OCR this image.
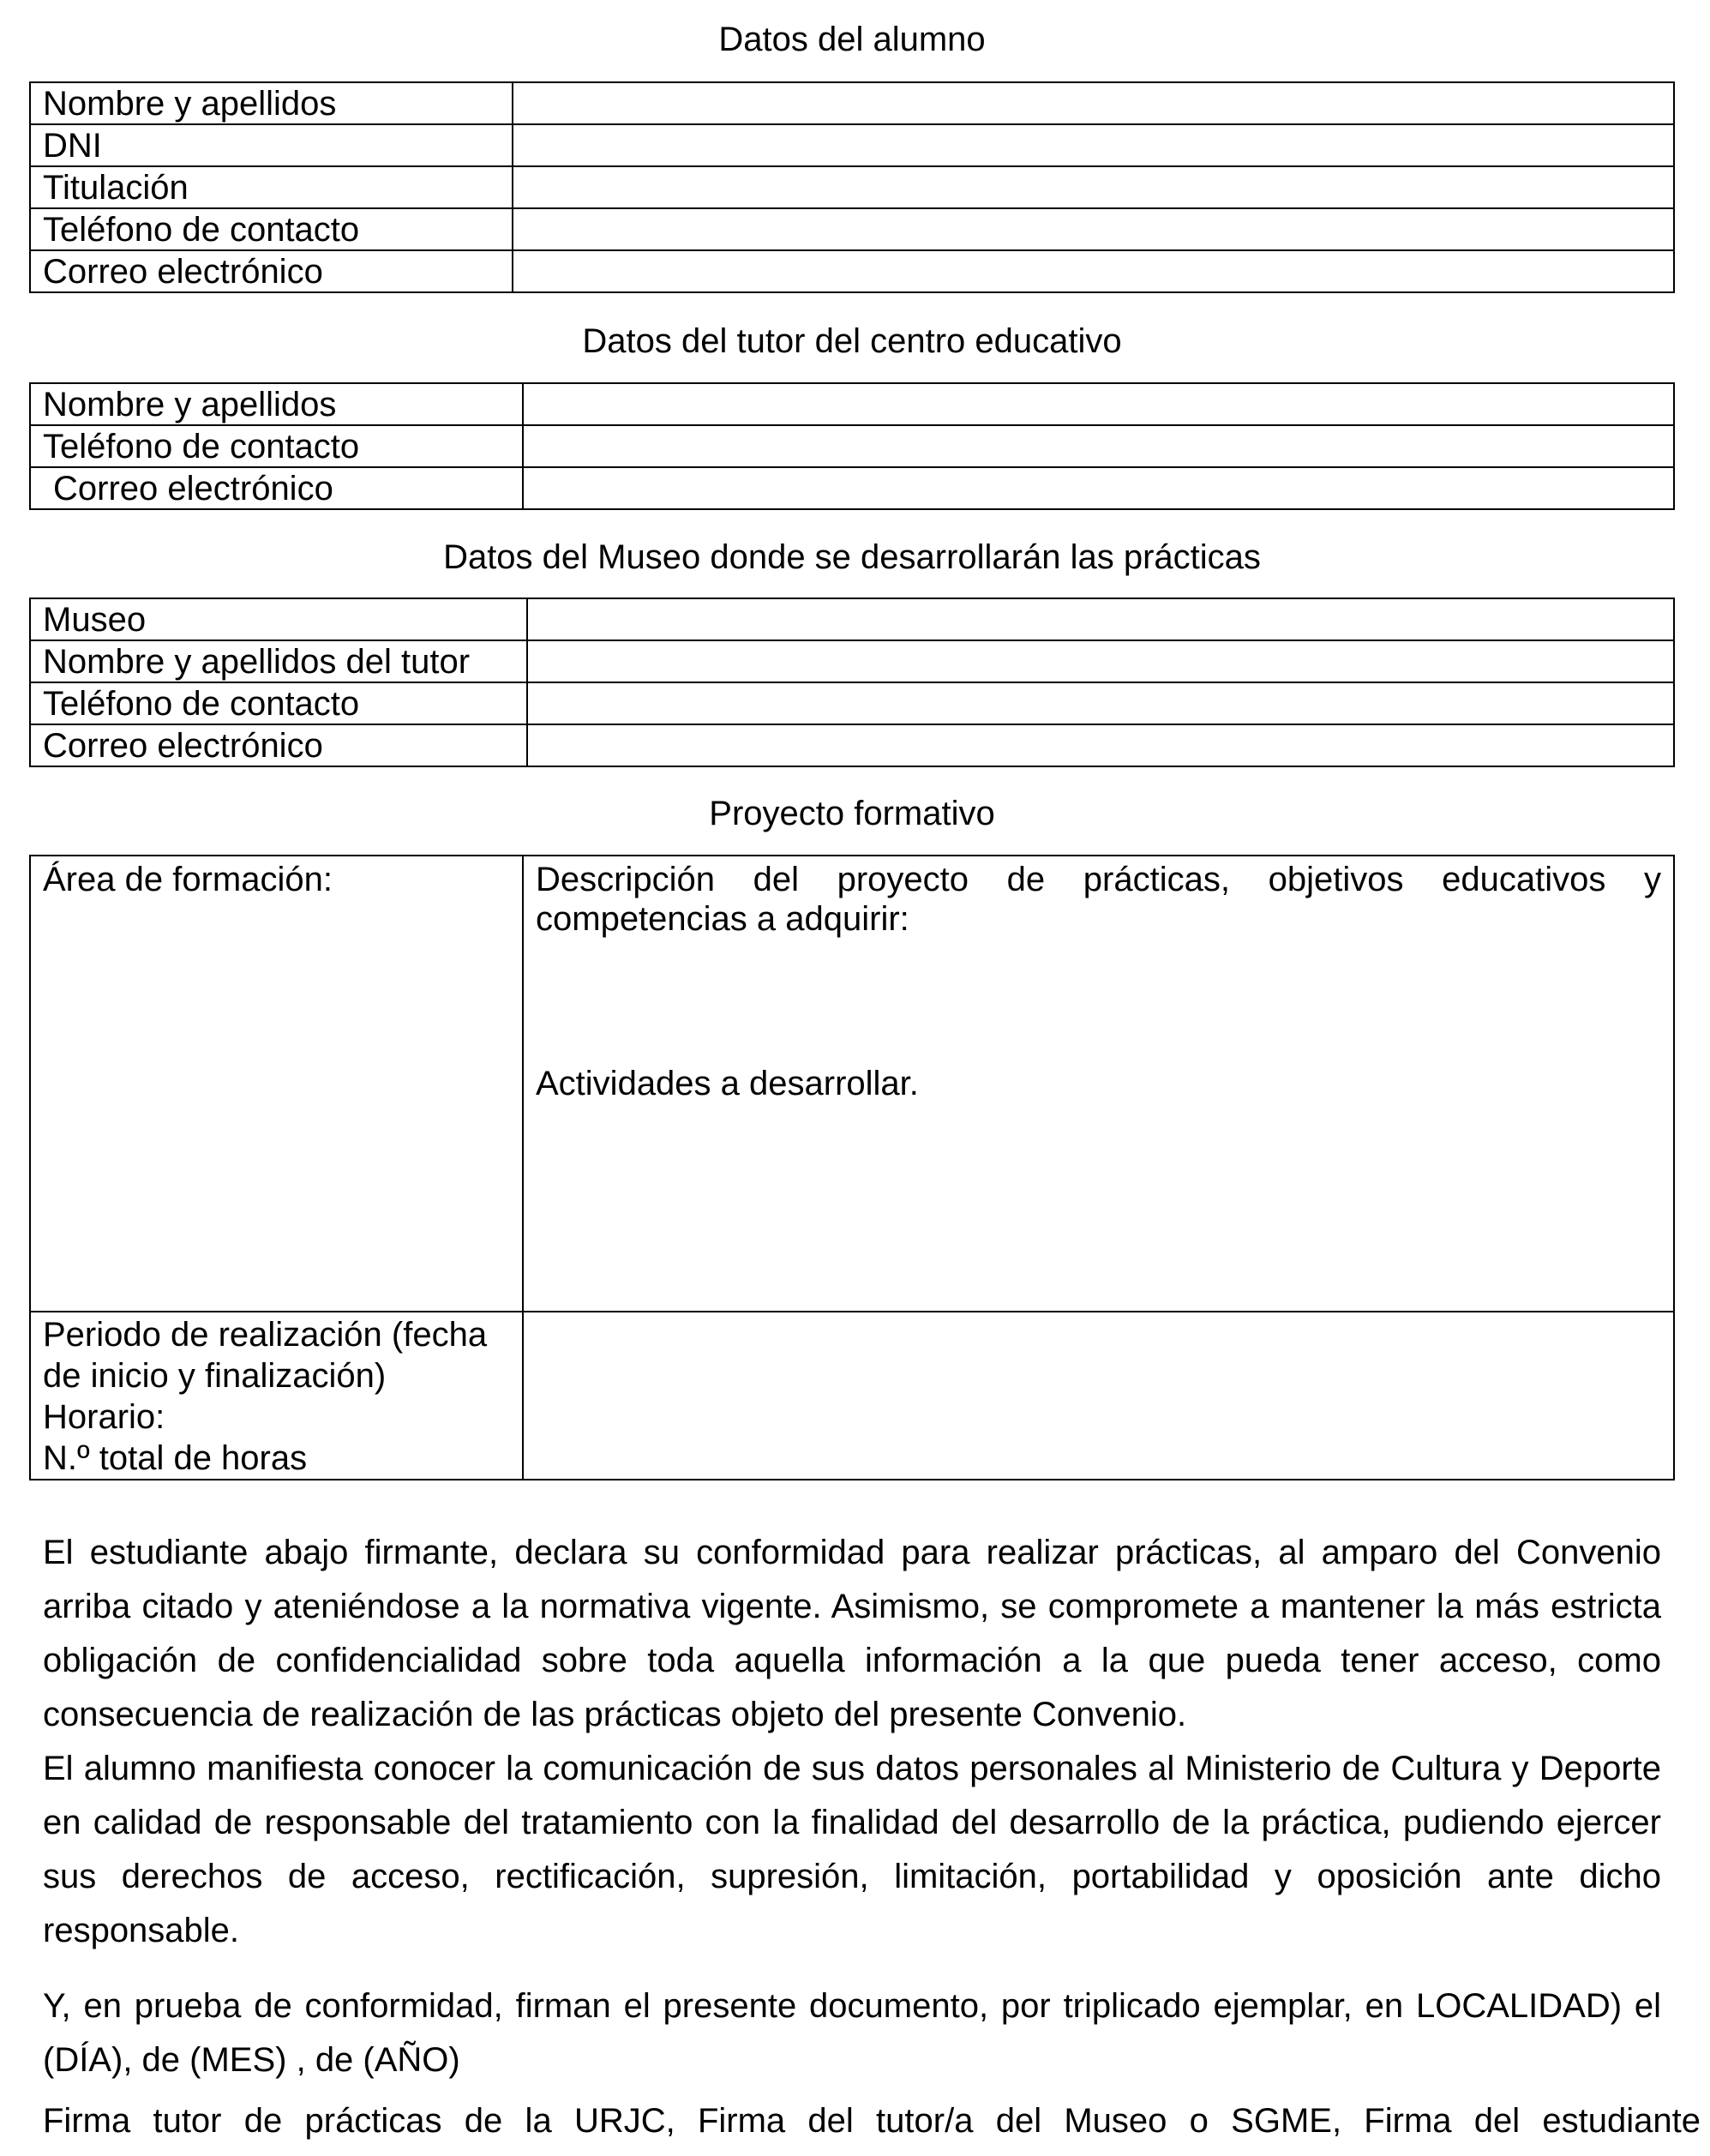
Datos del alumno

Nombre y apellidos	
DNI	
Titulación	
Teléfono de contacto	
Correo electrónico	

Datos del tutor del centro educativo

Nombre y apellidos	
Teléfono de contacto	
Correo electrónico	

Datos del Museo donde se desarrollarán las prácticas

Museo	
Nombre y apellidos del tutor	
Teléfono de contacto	
Correo electrónico	

Proyecto formativo

Área de formación:	Descripción del proyecto de prácticas, objetivos educativos y competencias a adquirir:
Actividades a desarrollar.

Periodo de realización (fecha
de inicio y finalización)
Horario:
N.º total de horas	

El estudiante abajo firmante, declara su conformidad para realizar prácticas, al amparo del Convenio arriba citado y ateniéndose a la normativa vigente. Asimismo, se compromete a mantener la más estricta obligación de confidencialidad sobre toda aquella información a la que pueda tener acceso, como consecuencia de realización de las prácticas objeto del presente Convenio.

El alumno manifiesta conocer la comunicación de sus datos personales al Ministerio de Cultura y Deporte en calidad de responsable del tratamiento con la finalidad del desarrollo de la práctica, pudiendo ejercer sus derechos de acceso, rectificación, supresión, limitación, portabilidad y oposición ante dicho responsable.

Y, en prueba de conformidad, firman el presente documento, por triplicado ejemplar, en LOCALIDAD) el (DÍA), de (MES) , de (AÑO)

Firma tutor de prácticas de la URJC, Firma del tutor/a del Museo o SGME, Firma del estudiante
